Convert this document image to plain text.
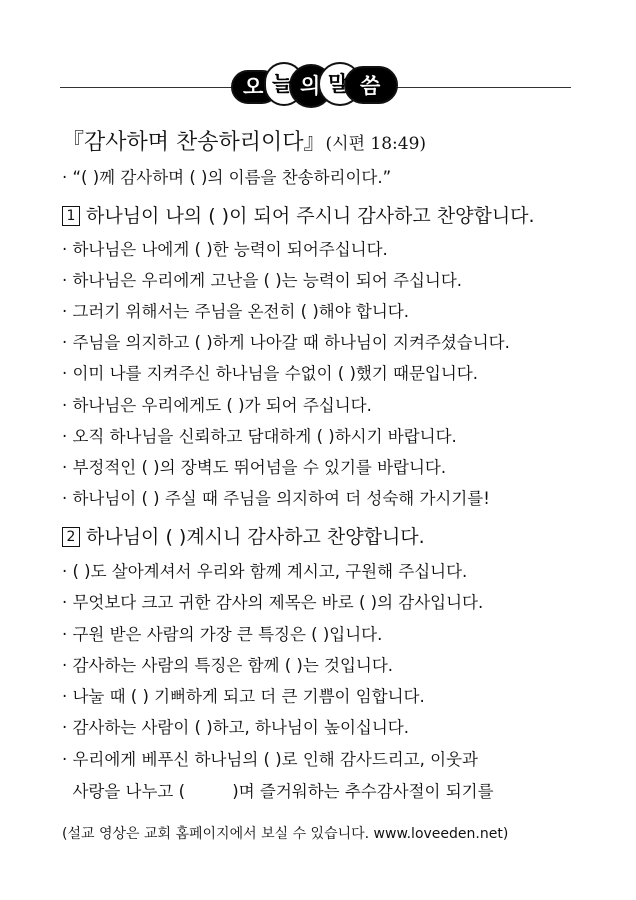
오 늘 의 말 씀
『감사하며 찬송하리이다』(시편 18:49)
· “( )께 감사하며 ( )의 이름을 찬송하리이다.”
1 하나님이 나의 ( )이 되어 주시니 감사하고 찬양합니다.
· 하나님은 나에게 ( )한 능력이 되어주십니다.
· 하나님은 우리에게 고난을 ( )는 능력이 되어 주십니다.
· 그러기 위해서는 주님을 온전히 ( )해야 합니다.
· 주님을 의지하고 ( )하게 나아갈 때 하나님이 지켜주셨습니다.
· 이미 나를 지켜주신 하나님을 수없이 ( )했기 때문입니다.
· 하나님은 우리에게도 ( )가 되어 주십니다.
· 오직 하나님을 신뢰하고 담대하게 ( )하시기 바랍니다.
· 부정적인 ( )의 장벽도 뛰어넘을 수 있기를 바랍니다.
· 하나님이 ( ) 주실 때 주님을 의지하여 더 성숙해 가시기를!
2 하나님이 ( )계시니 감사하고 찬양합니다.
· ( )도 살아계셔서 우리와 함께 계시고, 구원해 주십니다.
· 무엇보다 크고 귀한 감사의 제목은 바로 ( )의 감사입니다.
· 구원 받은 사람의 가장 큰 특징은 ( )입니다.
· 감사하는 사람의 특징은 함께 ( )는 것입니다.
· 나눌 때 ( ) 기뻐하게 되고 더 큰 기쁨이 임합니다.
· 감사하는 사람이 ( )하고, 하나님이 높이십니다.
· 우리에게 베푸신 하나님의 ( )로 인해 감사드리고, 이웃과
사랑을 나누고 (         )며 즐거워하는 추수감사절이 되기를
(설교 영상은 교회 홈페이지에서 보실 수 있습니다. www.loveeden.net)
